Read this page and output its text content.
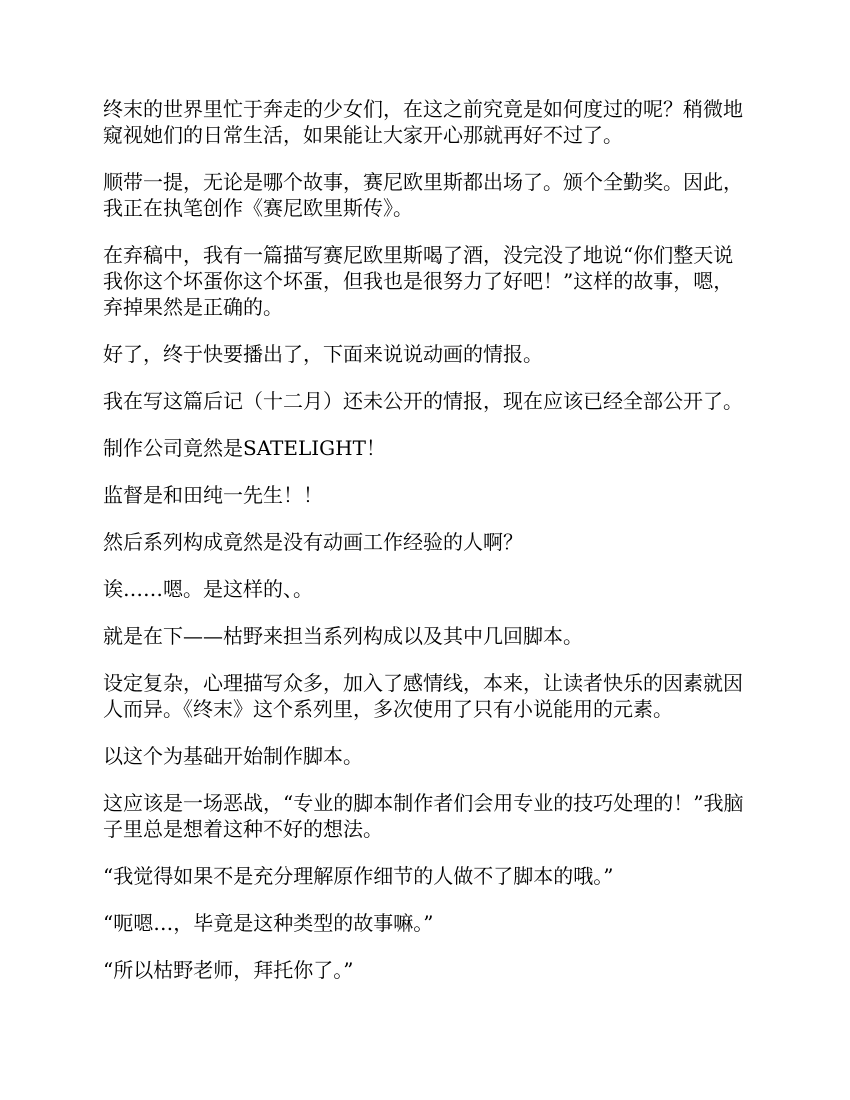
终末的世界里忙于奔走的少女们，在这之前究竟是如何度过的呢？稍微地窥视她们的日常生活，如果能让大家开心那就再好不过了。

顺带一提，无论是哪个故事，赛尼欧里斯都出场了。颁个全勤奖。因此，我正在执笔创作《赛尼欧里斯传》。

在弃稿中，我有一篇描写赛尼欧里斯喝了酒，没完没了地说“你们整天说我你这个坏蛋你这个坏蛋，但我也是很努力了好吧！”这样的故事，嗯，弃掉果然是正确的。

好了，终于快要播出了，下面来说说动画的情报。

我在写这篇后记（十二月）还未公开的情报，现在应该已经全部公开了。

制作公司竟然是SATELIGHT！

监督是和田纯一先生！！

然后系列构成竟然是没有动画工作经验的人啊？

诶……嗯。是这样的、。

就是在下——枯野来担当系列构成以及其中几回脚本。

设定复杂，心理描写众多，加入了感情线，本来，让读者快乐的因素就因人而异。《终末》这个系列里，多次使用了只有小说能用的元素。

以这个为基础开始制作脚本。

这应该是一场恶战，“专业的脚本制作者们会用专业的技巧处理的！”我脑子里总是想着这种不好的想法。

“我觉得如果不是充分理解原作细节的人做不了脚本的哦。”

“呃嗯…，毕竟是这种类型的故事嘛。”

“所以枯野老师，拜托你了。”
